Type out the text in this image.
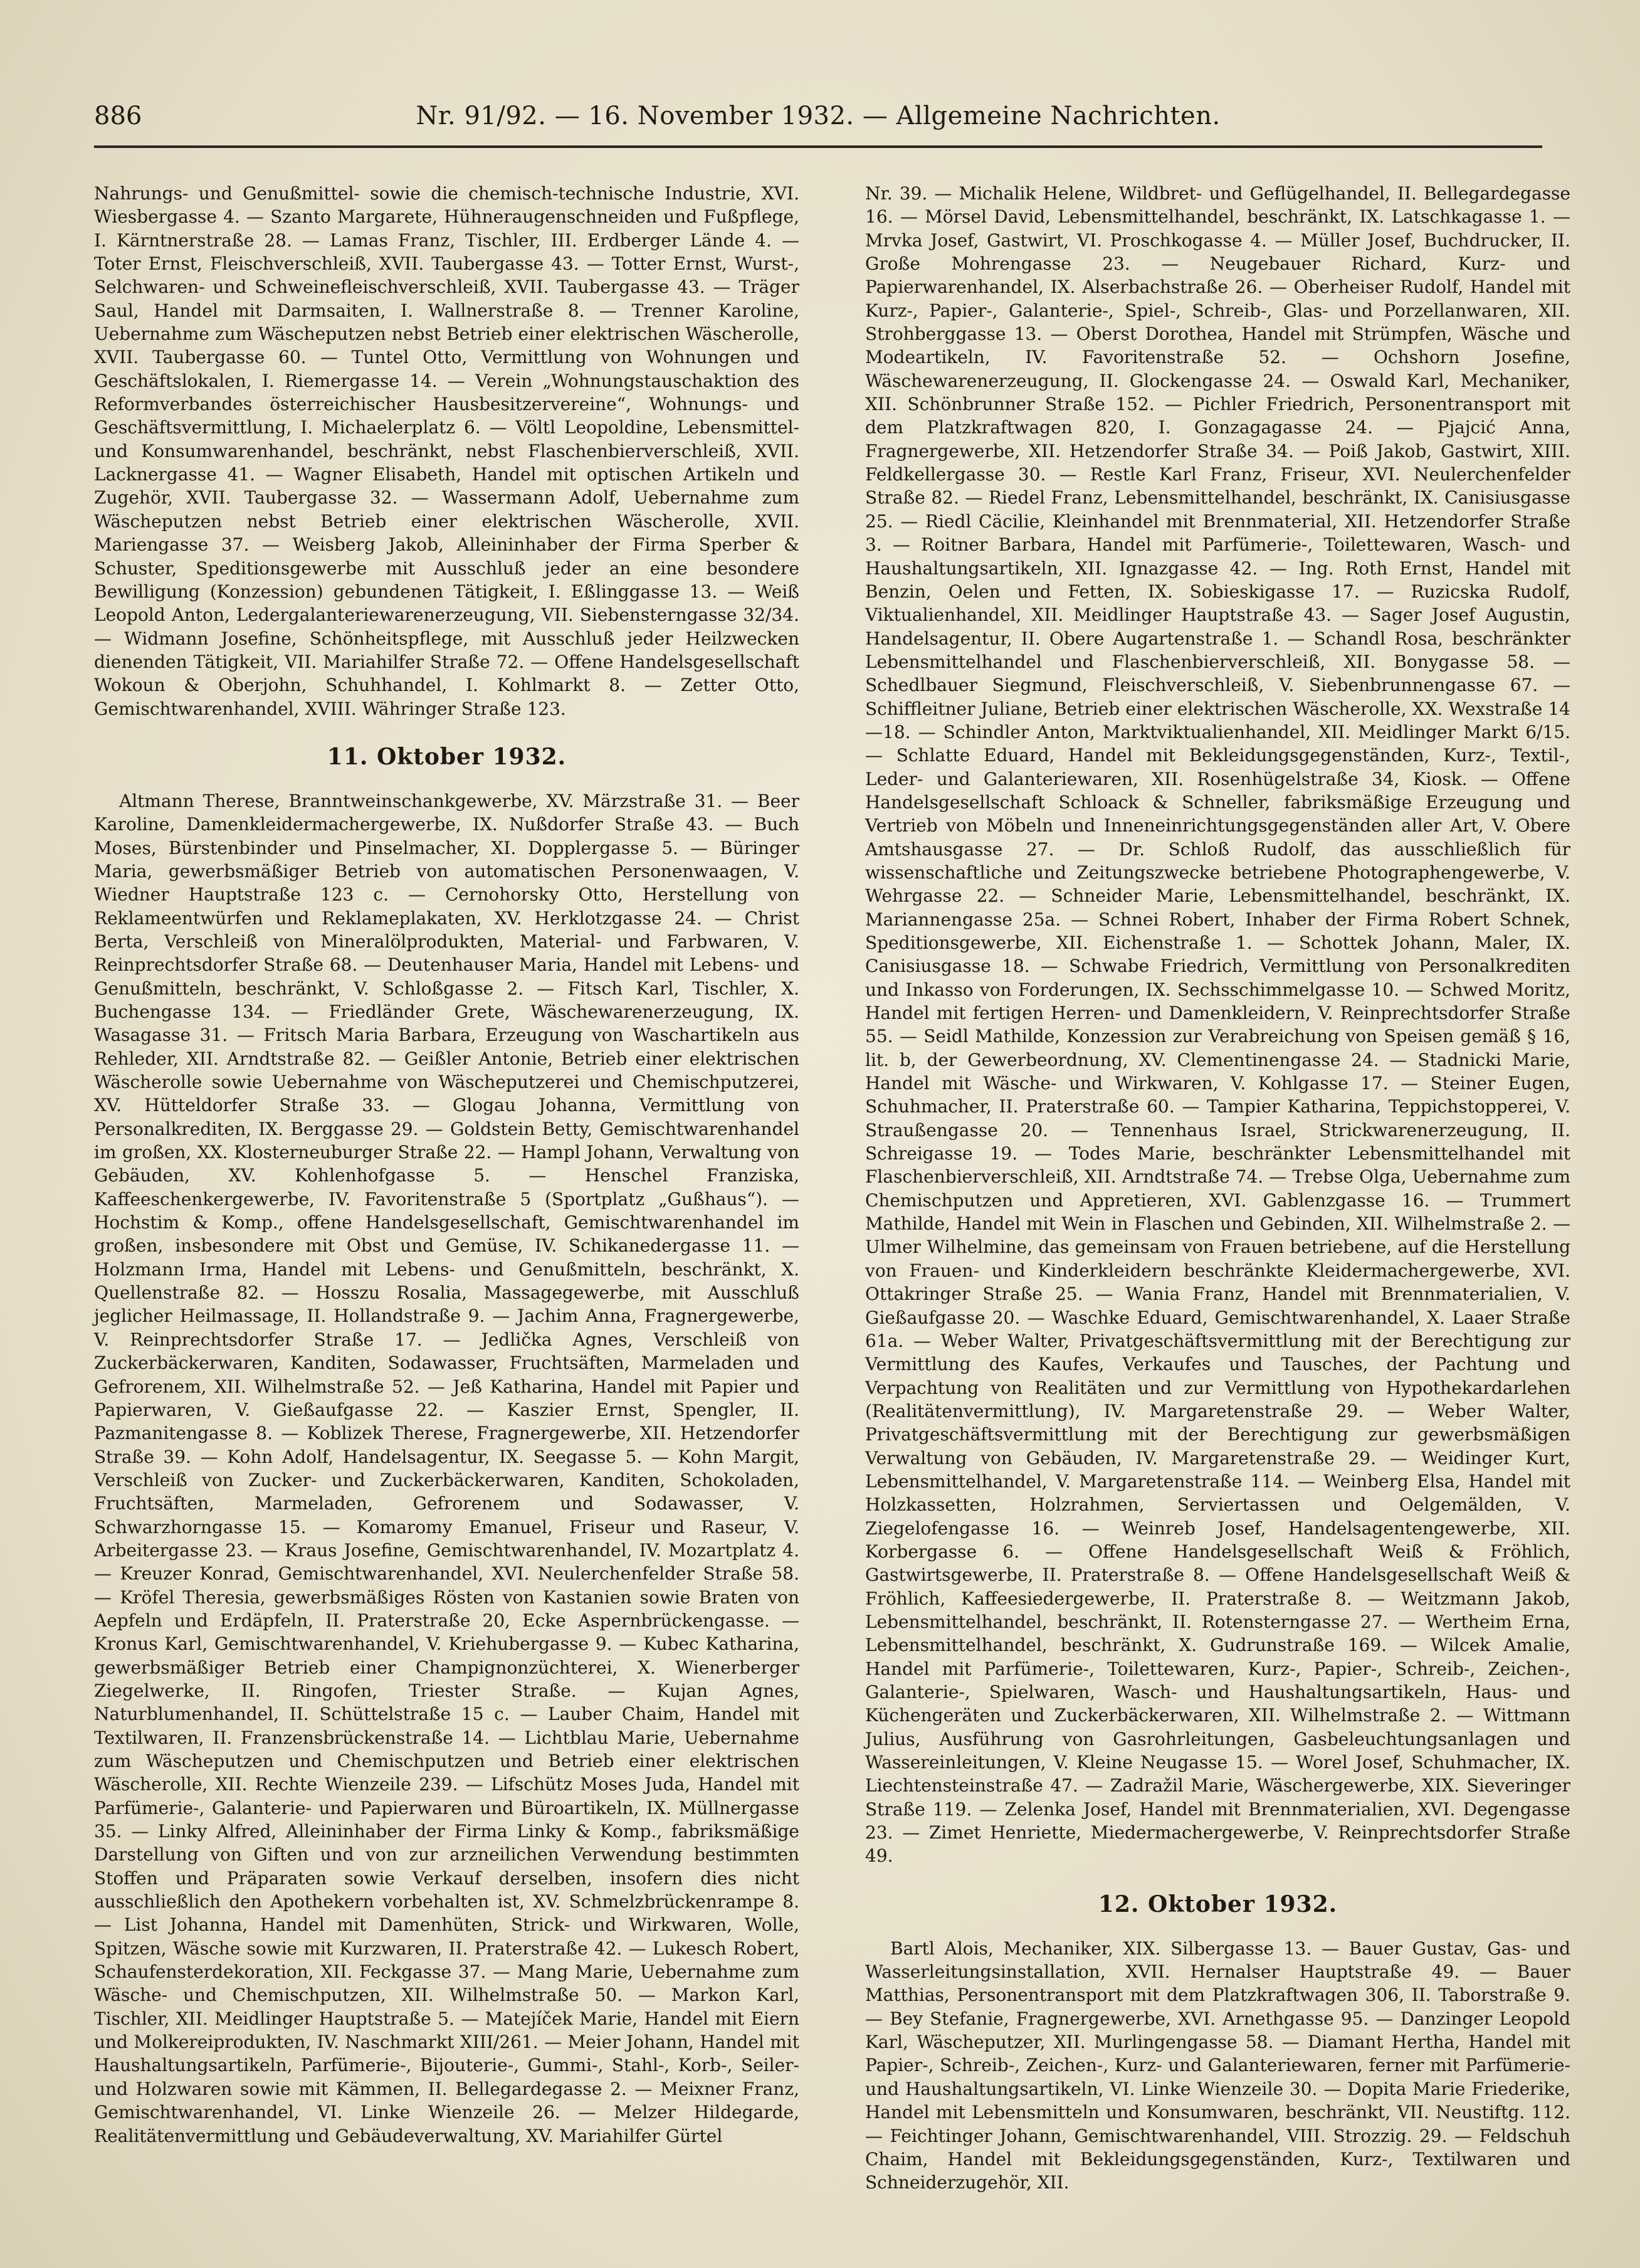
886	Nr. 91/92. — 16. November 1932. — Allgemeine Nachrichten.

Nahrungs- und Genußmittel- sowie die chemisch-technische Industrie, XVI. Wiesbergasse 4. — Szanto Margarete, Hühneraugenschneiden und Fußpflege, I. Kärntnerstraße 28. — Lamas Franz, Tischler, III. Erdberger Lände 4. — Toter Ernst, Fleischverschleiß, XVII. Taubergasse 43. — Totter Ernst, Wurst-, Selchwaren- und Schweinefleischverschleiß, XVII. Taubergasse 43. — Träger Saul, Handel mit Darmsaiten, I. Wallnerstraße 8. — Trenner Karoline, Uebernahme zum Wäscheputzen nebst Betrieb einer elektrischen Wäscherolle, XVII. Taubergasse 60. — Tuntel Otto, Vermittlung von Wohnungen und Geschäftslokalen, I. Riemergasse 14. — Verein „Wohnungstauschaktion des Reformverbandes österreichischer Hausbesitzervereine“, Wohnungs- und Geschäftsvermittlung, I. Michaelerplatz 6. — Völtl Leopoldine, Lebensmittel- und Konsumwarenhandel, beschränkt, nebst Flaschenbierverschleiß, XVII. Lacknergasse 41. — Wagner Elisabeth, Handel mit optischen Artikeln und Zugehör, XVII. Taubergasse 32. — Wassermann Adolf, Uebernahme zum Wäscheputzen nebst Betrieb einer elektrischen Wäscherolle, XVII. Mariengasse 37. — Weisberg Jakob, Alleininhaber der Firma Sperber & Schuster, Speditionsgewerbe mit Ausschluß jeder an eine besondere Bewilligung (Konzession) gebundenen Tätigkeit, I. Eßlinggasse 13. — Weiß Leopold Anton, Ledergalanteriewarenerzeugung, VII. Siebensterngasse 32/34. — Widmann Josefine, Schönheitspflege, mit Ausschluß jeder Heilzwecken dienenden Tätigkeit, VII. Mariahilfer Straße 72. — Offene Handelsgesellschaft Wokoun & Oberjohn, Schuhhandel, I. Kohlmarkt 8. — Zetter Otto, Gemischtwarenhandel, XVIII. Währinger Straße 123.

11. Oktober 1932.

Altmann Therese, Branntweinschankgewerbe, XV. Märzstraße 31. — Beer Karoline, Damenkleidermachergewerbe, IX. Nußdorfer Straße 43. — Buch Moses, Bürstenbinder und Pinselmacher, XI. Dopplergasse 5. — Büringer Maria, gewerbsmäßiger Betrieb von automatischen Personenwaagen, V. Wiedner Hauptstraße 123 c. — Cernohorsky Otto, Herstellung von Reklameentwürfen und Reklameplakaten, XV. Herklotzgasse 24. — Christ Berta, Verschleiß von Mineralölprodukten, Material- und Farbwaren, V. Reinprechtsdorfer Straße 68. — Deutenhauser Maria, Handel mit Lebens- und Genußmitteln, beschränkt, V. Schloßgasse 2. — Fitsch Karl, Tischler, X. Buchengasse 134. — Friedländer Grete, Wäschewarenerzeugung, IX. Wasagasse 31. — Fritsch Maria Barbara, Erzeugung von Waschartikeln aus Rehleder, XII. Arndtstraße 82. — Geißler Antonie, Betrieb einer elektrischen Wäscherolle sowie Uebernahme von Wäscheputzerei und Chemischputzerei, XV. Hütteldorfer Straße 33. — Glogau Johanna, Vermittlung von Personalkrediten, IX. Berggasse 29. — Goldstein Betty, Gemischtwarenhandel im großen, XX. Klosterneuburger Straße 22. — Hampl Johann, Verwaltung von Gebäuden, XV. Kohlenhofgasse 5. — Henschel Franziska, Kaffeeschenkergewerbe, IV. Favoritenstraße 5 (Sportplatz „Gußhaus“). — Hochstim & Komp., offene Handelsgesellschaft, Gemischtwarenhandel im großen, insbesondere mit Obst und Gemüse, IV. Schikanedergasse 11. — Holzmann Irma, Handel mit Lebens- und Genußmitteln, beschränkt, X. Quellenstraße 82. — Hosszu Rosalia, Massagegewerbe, mit Ausschluß jeglicher Heilmassage, II. Hollandstraße 9. — Jachim Anna, Fragnergewerbe, V. Reinprechtsdorfer Straße 17. — Jedlička Agnes, Verschleiß von Zuckerbäckerwaren, Kanditen, Sodawasser, Fruchtsäften, Marmeladen und Gefrorenem, XII. Wilhelmstraße 52. — Jeß Katharina, Handel mit Papier und Papierwaren, V. Gießaufgasse 22. — Kaszier Ernst, Spengler, II. Pazmanitengasse 8. — Koblizek Therese, Fragnergewerbe, XII. Hetzendorfer Straße 39. — Kohn Adolf, Handelsagentur, IX. Seegasse 5. — Kohn Margit, Verschleiß von Zucker- und Zuckerbäckerwaren, Kanditen, Schokoladen, Fruchtsäften, Marmeladen, Gefrorenem und Sodawasser, V. Schwarzhorngasse 15. — Komaromy Emanuel, Friseur und Raseur, V. Arbeitergasse 23. — Kraus Josefine, Gemischtwarenhandel, IV. Mozartplatz 4. — Kreuzer Konrad, Gemischtwarenhandel, XVI. Neulerchenfelder Straße 58. — Kröfel Theresia, gewerbsmäßiges Rösten von Kastanien sowie Braten von Aepfeln und Erdäpfeln, II. Praterstraße 20, Ecke Aspernbrückengasse. — Kronus Karl, Gemischtwarenhandel, V. Kriehubergasse 9. — Kubec Katharina, gewerbsmäßiger Betrieb einer Champignonzüchterei, X. Wienerberger Ziegelwerke, II. Ringofen, Triester Straße. — Kujan Agnes, Naturblumenhandel, II. Schüttelstraße 15 c. — Lauber Chaim, Handel mit Textilwaren, II. Franzensbrückenstraße 14. — Lichtblau Marie, Uebernahme zum Wäscheputzen und Chemischputzen und Betrieb einer elektrischen Wäscherolle, XII. Rechte Wienzeile 239. — Lifschütz Moses Juda, Handel mit Parfümerie-, Galanterie- und Papierwaren und Büroartikeln, IX. Müllnergasse 35. — Linky Alfred, Alleininhaber der Firma Linky & Komp., fabriksmäßige Darstellung von Giften und von zur arzneilichen Verwendung bestimmten Stoffen und Präparaten sowie Verkauf derselben, insofern dies nicht ausschließlich den Apothekern vorbehalten ist, XV. Schmelzbrückenrampe 8. — List Johanna, Handel mit Damenhüten, Strick- und Wirkwaren, Wolle, Spitzen, Wäsche sowie mit Kurzwaren, II. Praterstraße 42. — Lukesch Robert, Schaufensterdekoration, XII. Feckgasse 37. — Mang Marie, Uebernahme zum Wäsche- und Chemischputzen, XII. Wilhelmstraße 50. — Markon Karl, Tischler, XII. Meidlinger Hauptstraße 5. — Matejíček Marie, Handel mit Eiern und Molkereiprodukten, IV. Naschmarkt XIII/261. — Meier Johann, Handel mit Haushaltungsartikeln, Parfümerie-, Bijouterie-, Gummi-, Stahl-, Korb-, Seiler- und Holzwaren sowie mit Kämmen, II. Bellegardegasse 2. — Meixner Franz, Gemischtwarenhandel, VI. Linke Wienzeile 26. — Melzer Hildegarde, Realitätenvermittlung und Gebäudeverwaltung, XV. Mariahilfer Gürtel

Nr. 39. — Michalik Helene, Wildbret- und Geflügelhandel, II. Bellegardegasse 16. — Mörsel David, Lebensmittelhandel, beschränkt, IX. Latschkagasse 1. — Mrvka Josef, Gastwirt, VI. Proschkogasse 4. — Müller Josef, Buchdrucker, II. Große Mohrengasse 23. — Neugebauer Richard, Kurz- und Papierwarenhandel, IX. Alserbachstraße 26. — Oberheiser Rudolf, Handel mit Kurz-, Papier-, Galanterie-, Spiel-, Schreib-, Glas- und Porzellanwaren, XII. Strohberggasse 13. — Oberst Dorothea, Handel mit Strümpfen, Wäsche und Modeartikeln, IV. Favoritenstraße 52. — Ochshorn Josefine, Wäschewarenerzeugung, II. Glockengasse 24. — Oswald Karl, Mechaniker, XII. Schönbrunner Straße 152. — Pichler Friedrich, Personentransport mit dem Platzkraftwagen 820, I. Gonzagagasse 24. — Pjajcić Anna, Fragnergewerbe, XII. Hetzendorfer Straße 34. — Poiß Jakob, Gastwirt, XIII. Feldkellergasse 30. — Restle Karl Franz, Friseur, XVI. Neulerchenfelder Straße 82. — Riedel Franz, Lebensmittelhandel, beschränkt, IX. Canisiusgasse 25. — Riedl Cäcilie, Kleinhandel mit Brennmaterial, XII. Hetzendorfer Straße 3. — Roitner Barbara, Handel mit Parfümerie-, Toilettewaren, Wasch- und Haushaltungsartikeln, XII. Ignazgasse 42. — Ing. Roth Ernst, Handel mit Benzin, Oelen und Fetten, IX. Sobieskigasse 17. — Ruzicska Rudolf, Viktualienhandel, XII. Meidlinger Hauptstraße 43. — Sager Josef Augustin, Handelsagentur, II. Obere Augartenstraße 1. — Schandl Rosa, beschränkter Lebensmittelhandel und Flaschenbierverschleiß, XII. Bonygasse 58. — Schedlbauer Siegmund, Fleischverschleiß, V. Siebenbrunnengasse 67. — Schiffleitner Juliane, Betrieb einer elektrischen Wäscherolle, XX. Wexstraße 14—18. — Schindler Anton, Marktviktualienhandel, XII. Meidlinger Markt 6/15. — Schlatte Eduard, Handel mit Bekleidungsgegenständen, Kurz-, Textil-, Leder- und Galanteriewaren, XII. Rosenhügelstraße 34, Kiosk. — Offene Handelsgesellschaft Schloack & Schneller, fabriksmäßige Erzeugung und Vertrieb von Möbeln und Inneneinrichtungsgegenständen aller Art, V. Obere Amtshausgasse 27. — Dr. Schloß Rudolf, das ausschließlich für wissenschaftliche und Zeitungszwecke betriebene Photographengewerbe, V. Wehrgasse 22. — Schneider Marie, Lebensmittelhandel, beschränkt, IX. Mariannengasse 25a. — Schnei Robert, Inhaber der Firma Robert Schnek, Speditionsgewerbe, XII. Eichenstraße 1. — Schottek Johann, Maler, IX. Canisiusgasse 18. — Schwabe Friedrich, Vermittlung von Personalkrediten und Inkasso von Forderungen, IX. Sechsschimmelgasse 10. — Schwed Moritz, Handel mit fertigen Herren- und Damenkleidern, V. Reinprechtsdorfer Straße 55. — Seidl Mathilde, Konzession zur Verabreichung von Speisen gemäß § 16, lit. b, der Gewerbeordnung, XV. Clementinengasse 24. — Stadnicki Marie, Handel mit Wäsche- und Wirkwaren, V. Kohlgasse 17. — Steiner Eugen, Schuhmacher, II. Praterstraße 60. — Tampier Katharina, Teppichstopperei, V. Straußengasse 20. — Tennenhaus Israel, Strickwarenerzeugung, II. Schreigasse 19. — Todes Marie, beschränkter Lebensmittelhandel mit Flaschenbierverschleiß, XII. Arndtstraße 74. — Trebse Olga, Uebernahme zum Chemischputzen und Appretieren, XVI. Gablenzgasse 16. — Trummert Mathilde, Handel mit Wein in Flaschen und Gebinden, XII. Wilhelmstraße 2. — Ulmer Wilhelmine, das gemeinsam von Frauen betriebene, auf die Herstellung von Frauen- und Kinderkleidern beschränkte Kleidermachergewerbe, XVI. Ottakringer Straße 25. — Wania Franz, Handel mit Brennmaterialien, V. Gießaufgasse 20. — Waschke Eduard, Gemischtwarenhandel, X. Laaer Straße 61a. — Weber Walter, Privatgeschäftsvermittlung mit der Berechtigung zur Vermittlung des Kaufes, Verkaufes und Tausches, der Pachtung und Verpachtung von Realitäten und zur Vermittlung von Hypothekardarlehen (Realitätenvermittlung), IV. Margaretenstraße 29. — Weber Walter, Privatgeschäftsvermittlung mit der Berechtigung zur gewerbsmäßigen Verwaltung von Gebäuden, IV. Margaretenstraße 29. — Weidinger Kurt, Lebensmittelhandel, V. Margaretenstraße 114. — Weinberg Elsa, Handel mit Holzkassetten, Holzrahmen, Serviertassen und Oelgemälden, V. Ziegelofengasse 16. — Weinreb Josef, Handelsagentengewerbe, XII. Korbergasse 6. — Offene Handelsgesellschaft Weiß & Fröhlich, Gastwirtsgewerbe, II. Praterstraße 8. — Offene Handelsgesellschaft Weiß & Fröhlich, Kaffeesiedergewerbe, II. Praterstraße 8. — Weitzmann Jakob, Lebensmittelhandel, beschränkt, II. Rotensterngasse 27. — Wertheim Erna, Lebensmittelhandel, beschränkt, X. Gudrunstraße 169. — Wilcek Amalie, Handel mit Parfümerie-, Toilettewaren, Kurz-, Papier-, Schreib-, Zeichen-, Galanterie-, Spielwaren, Wasch- und Haushaltungsartikeln, Haus- und Küchengeräten und Zuckerbäckerwaren, XII. Wilhelmstraße 2. — Wittmann Julius, Ausführung von Gasrohrleitungen, Gasbeleuchtungsanlagen und Wassereinleitungen, V. Kleine Neugasse 15. — Worel Josef, Schuhmacher, IX. Liechtensteinstraße 47. — Zadražil Marie, Wäschergewerbe, XIX. Sieveringer Straße 119. — Zelenka Josef, Handel mit Brennmaterialien, XVI. Degengasse 23. — Zimet Henriette, Miedermachergewerbe, V. Reinprechtsdorfer Straße 49.

12. Oktober 1932.

Bartl Alois, Mechaniker, XIX. Silbergasse 13. — Bauer Gustav, Gas- und Wasserleitungsinstallation, XVII. Hernalser Hauptstraße 49. — Bauer Matthias, Personentransport mit dem Platzkraftwagen 306, II. Taborstraße 9. — Bey Stefanie, Fragnergewerbe, XVI. Arnethgasse 95. — Danzinger Leopold Karl, Wäscheputzer, XII. Murlingengasse 58. — Diamant Hertha, Handel mit Papier-, Schreib-, Zeichen-, Kurz- und Galanteriewaren, ferner mit Parfümerie- und Haushaltungsartikeln, VI. Linke Wienzeile 30. — Dopita Marie Friederike, Handel mit Lebensmitteln und Konsumwaren, beschränkt, VII. Neustiftg. 112. — Feichtinger Johann, Gemischtwarenhandel, VIII. Strozzig. 29. — Feldschuh Chaim, Handel mit Bekleidungsgegenständen, Kurz-, Textilwaren und Schneiderzugehör, XII.
